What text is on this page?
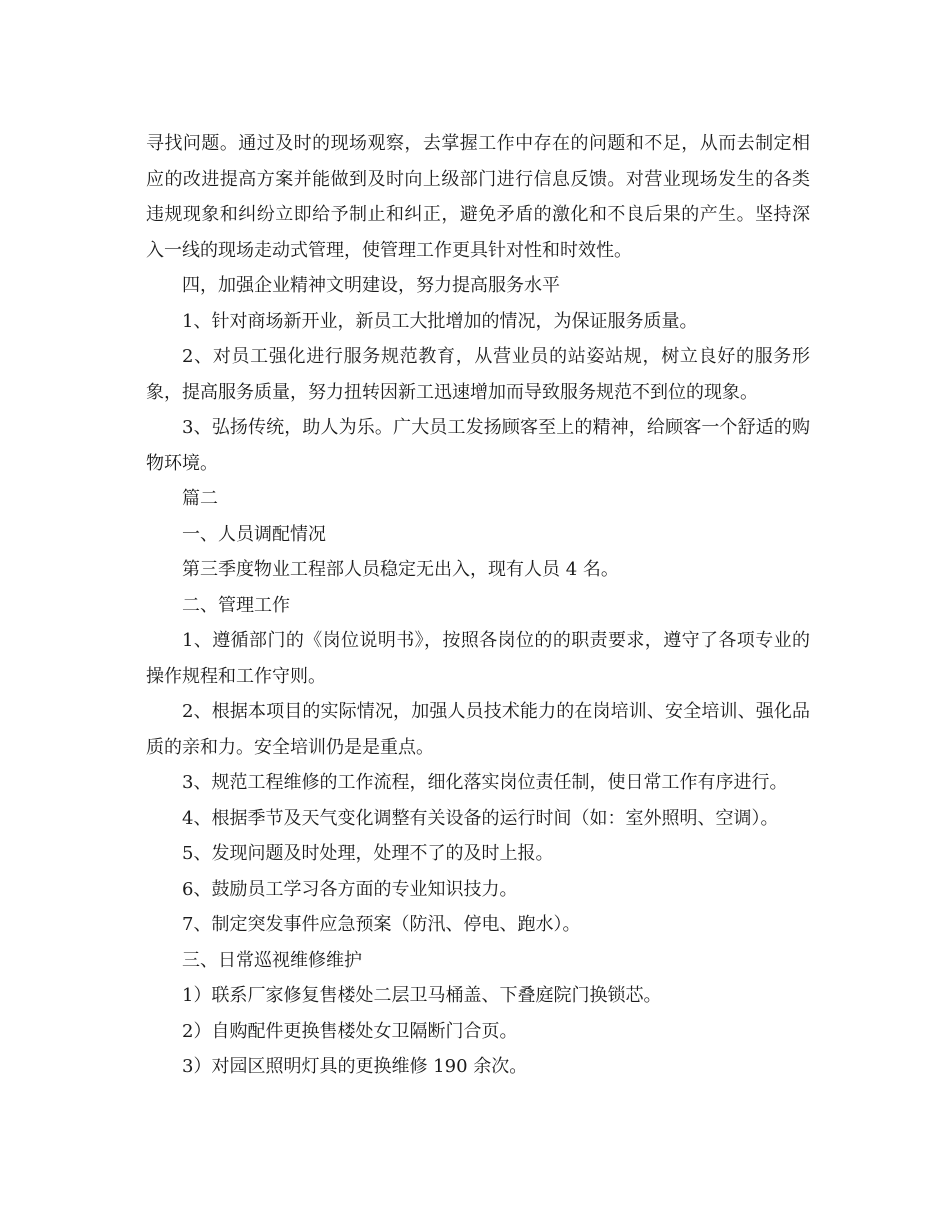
寻找问题。通过及时的现场观察，去掌握工作中存在的问题和不足，从而去制定相应的改进提高方案并能做到及时向上级部门进行信息反馈。对营业现场发生的各类违规现象和纠纷立即给予制止和纠正，避免矛盾的激化和不良后果的产生。坚持深入一线的现场走动式管理，使管理工作更具针对性和时效性。

四，加强企业精神文明建设，努力提高服务水平

1、针对商场新开业，新员工大批增加的情况，为保证服务质量。

2、对员工强化进行服务规范教育，从营业员的站姿站规，树立良好的服务形象，提高服务质量，努力扭转因新工迅速增加而导致服务规范不到位的现象。

3、弘扬传统，助人为乐。广大员工发扬顾客至上的精神，给顾客一个舒适的购物环境。

篇二

一、人员调配情况

第三季度物业工程部人员稳定无出入，现有人员 4 名。

二、管理工作

1、遵循部门的《岗位说明书》，按照各岗位的的职责要求，遵守了各项专业的操作规程和工作守则。

2、根据本项目的实际情况，加强人员技术能力的在岗培训、安全培训、强化品质的亲和力。安全培训仍是是重点。

3、规范工程维修的工作流程，细化落实岗位责任制，使日常工作有序进行。

4、根据季节及天气变化调整有关设备的运行时间（如：室外照明、空调）。

5、发现问题及时处理，处理不了的及时上报。

6、鼓励员工学习各方面的专业知识技力。

7、制定突发事件应急预案（防汛、停电、跑水）。

三、日常巡视维修维护

1）联系厂家修复售楼处二层卫马桶盖、下叠庭院门换锁芯。

2）自购配件更换售楼处女卫隔断门合页。

3）对园区照明灯具的更换维修 190 余次。
